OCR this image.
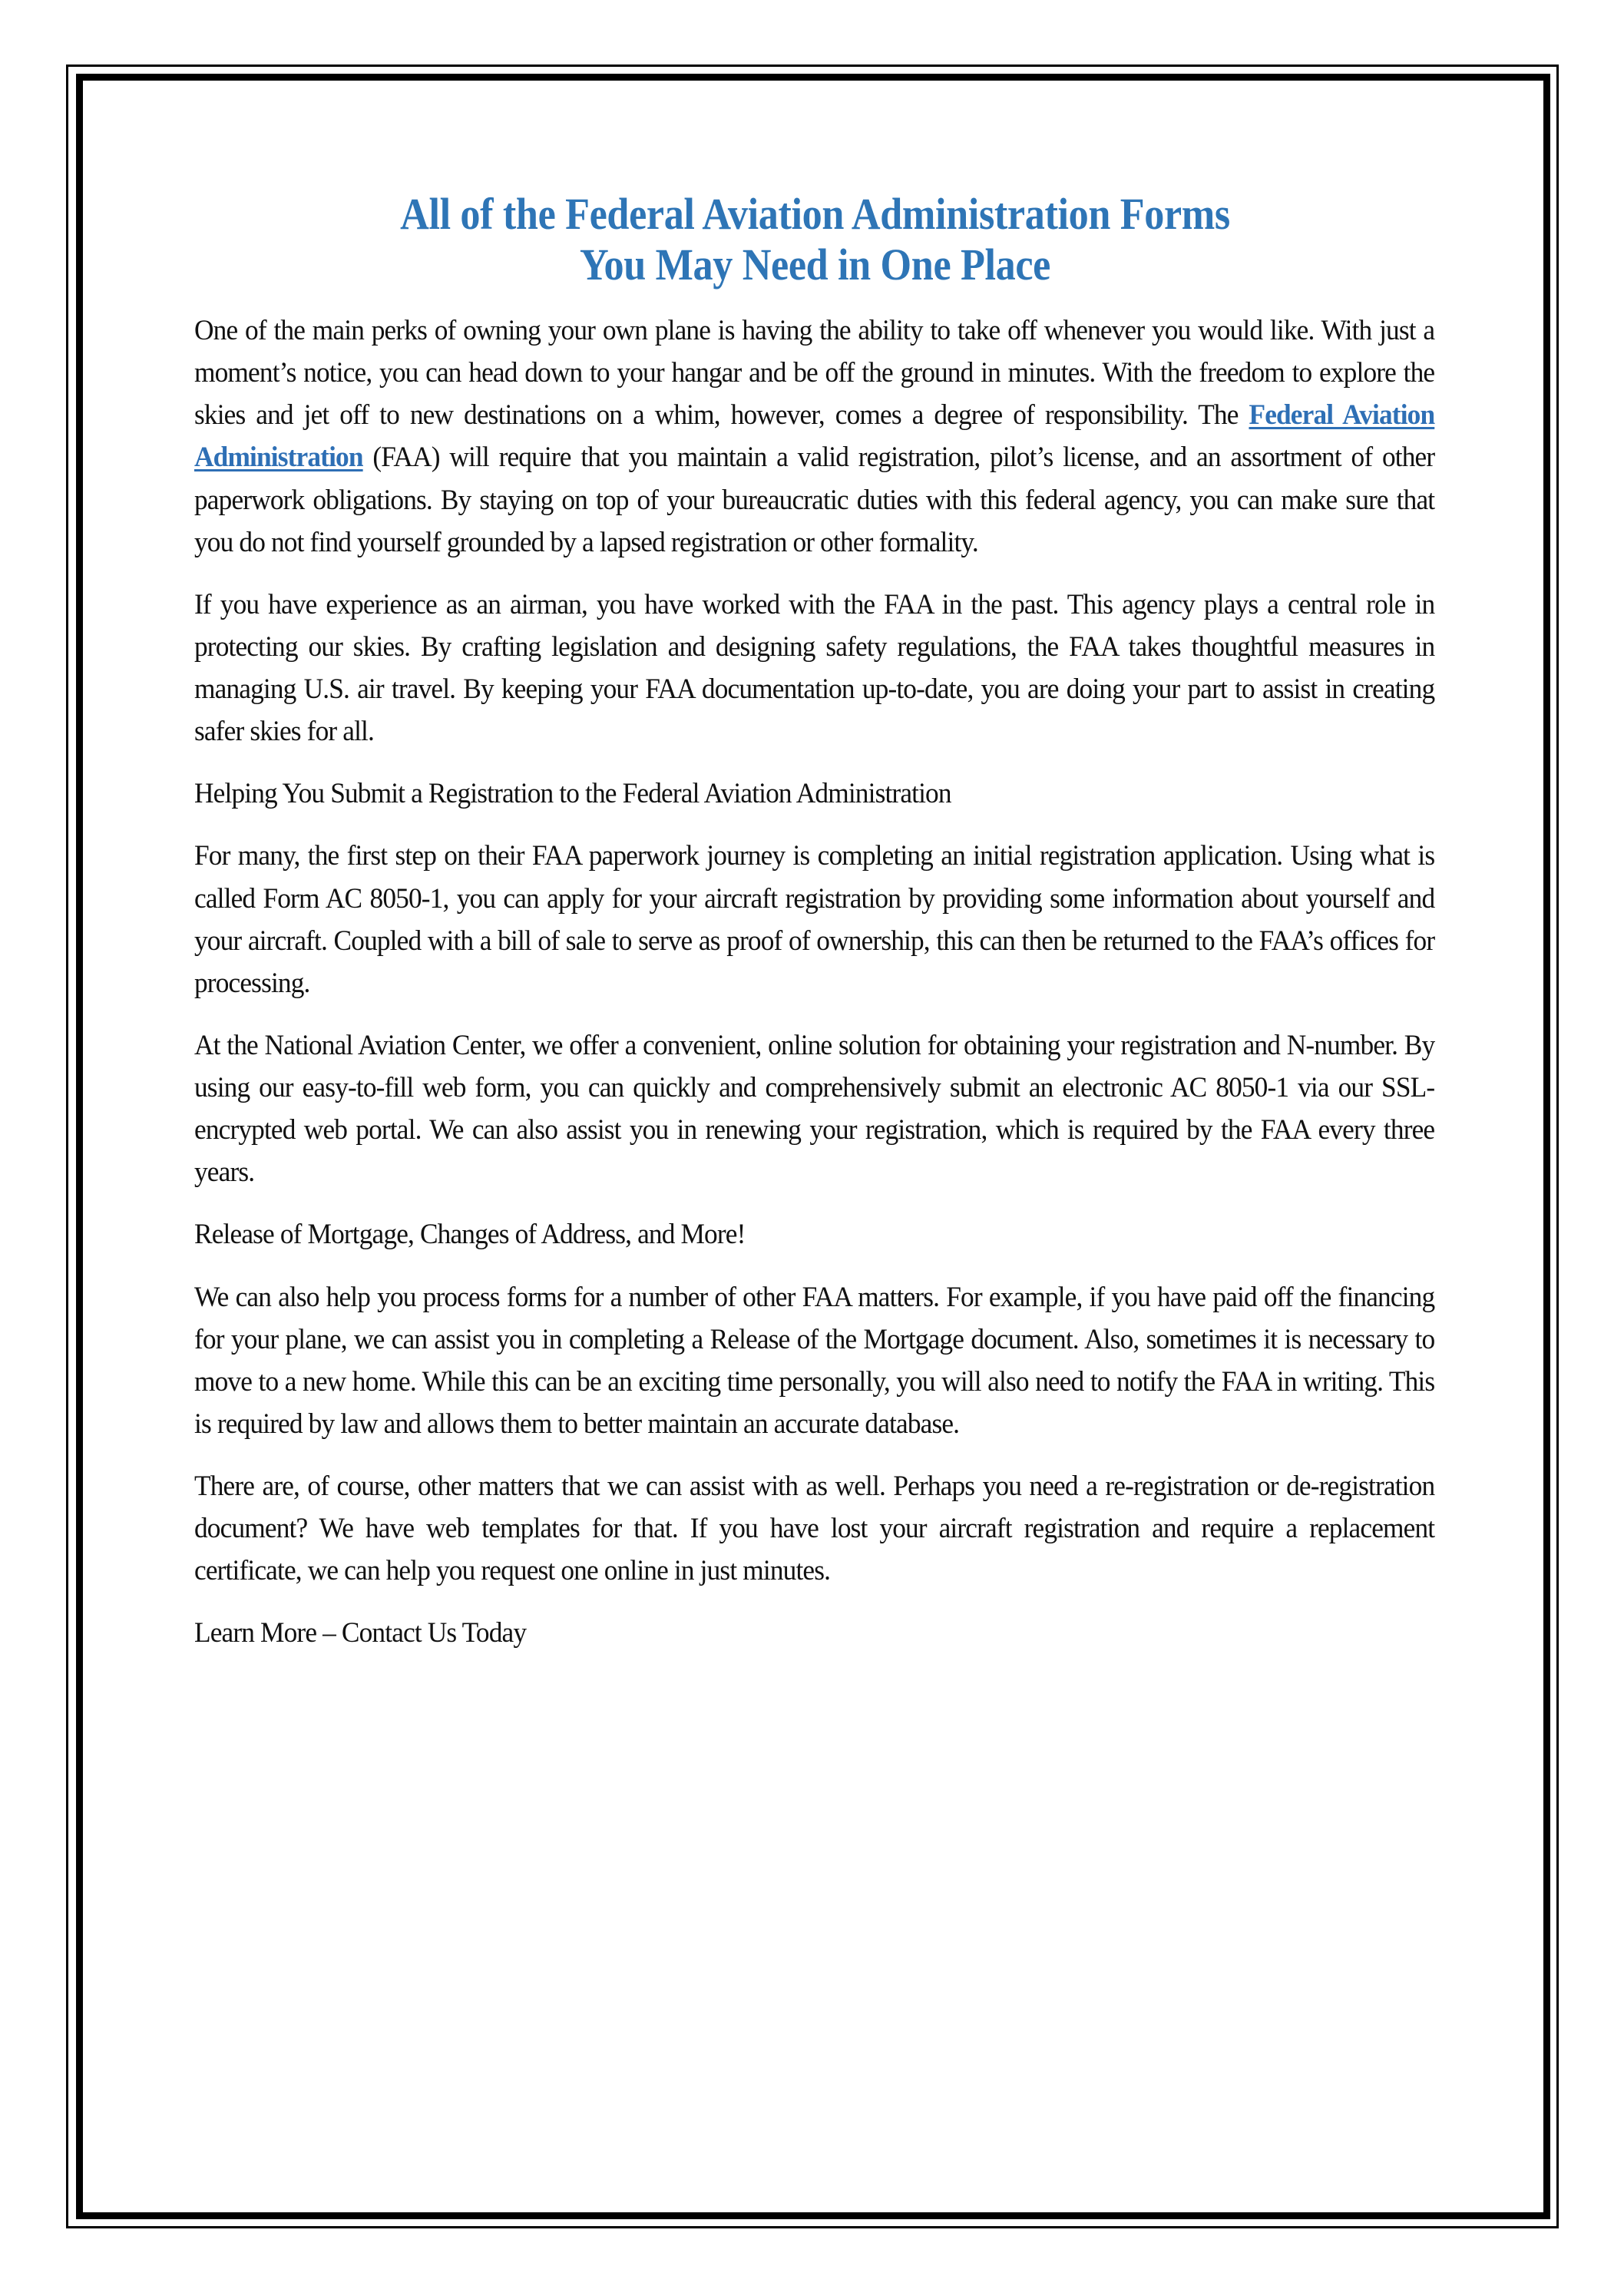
All of the Federal Aviation Administration Forms
You May Need in One Place

One of the main perks of owning your own plane is having the ability to take off whenever you would like. With just a moment’s notice, you can head down to your hangar and be off the ground in minutes. With the freedom to explore the skies and jet off to new destinations on a whim, however, comes a degree of responsibility. The Federal Aviation Administration (FAA) will require that you maintain a valid registration, pilot’s license, and an assortment of other paperwork obligations. By staying on top of your bureaucratic duties with this federal agency, you can make sure that you do not find yourself grounded by a lapsed registration or other formality.

If you have experience as an airman, you have worked with the FAA in the past. This agency plays a central role in protecting our skies. By crafting legislation and designing safety regulations, the FAA takes thoughtful measures in managing U.S. air travel. By keeping your FAA documentation up-to-date, you are doing your part to assist in creating safer skies for all.

Helping You Submit a Registration to the Federal Aviation Administration

For many, the first step on their FAA paperwork journey is completing an initial registration application. Using what is called Form AC 8050-1, you can apply for your aircraft registration by providing some information about yourself and your aircraft. Coupled with a bill of sale to serve as proof of ownership, this can then be returned to the FAA’s offices for processing.

At the National Aviation Center, we offer a convenient, online solution for obtaining your registration and N-number. By using our easy-to-fill web form, you can quickly and comprehensively submit an electronic AC 8050-1 via our SSL-encrypted web portal. We can also assist you in renewing your registration, which is required by the FAA every three years.

Release of Mortgage, Changes of Address, and More!

We can also help you process forms for a number of other FAA matters. For example, if you have paid off the financing for your plane, we can assist you in completing a Release of the Mortgage document. Also, sometimes it is necessary to move to a new home. While this can be an exciting time personally, you will also need to notify the FAA in writing. This is required by law and allows them to better maintain an accurate database.

There are, of course, other matters that we can assist with as well. Perhaps you need a re-registration or de-registration document? We have web templates for that. If you have lost your aircraft registration and require a replacement certificate, we can help you request one online in just minutes.

Learn More – Contact Us Today
